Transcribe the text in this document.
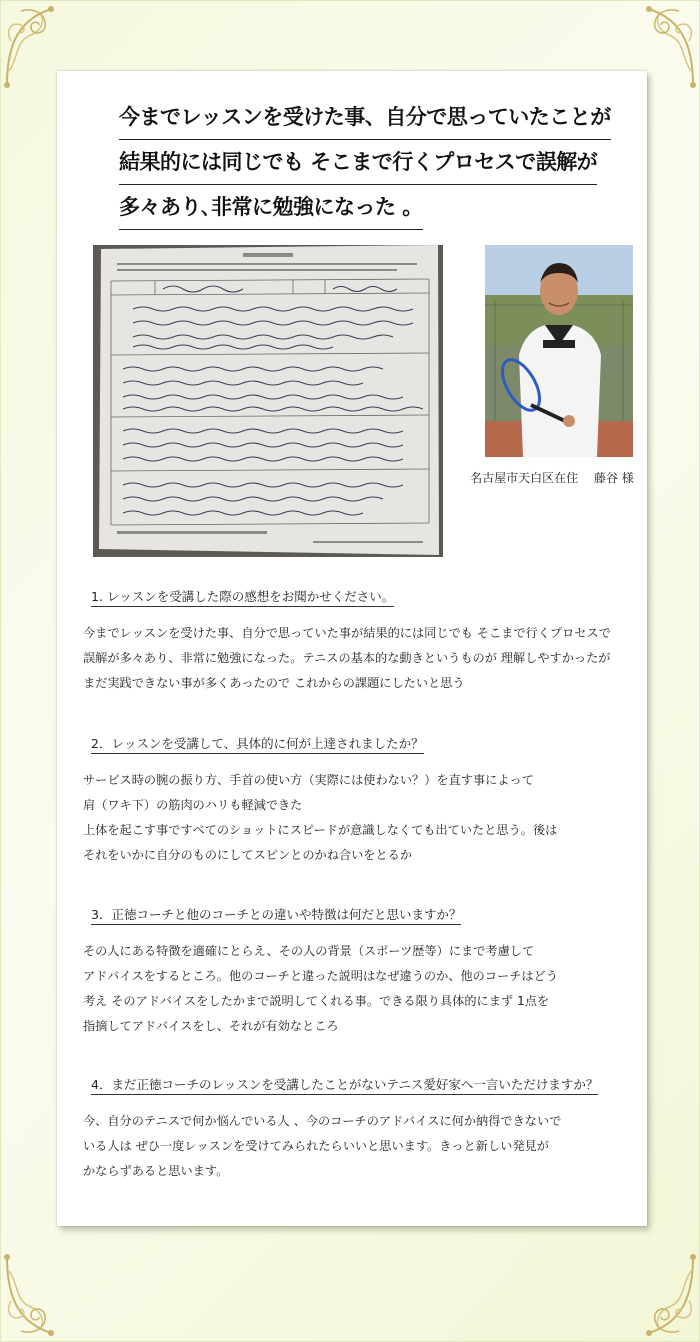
今までレッスンを受けた事、自分で思っていたことが
結果的には同じでも そこまで行くプロセスで誤解が
多々あり､非常に勉強になった 。
名古屋市天白区在住　 藤谷 様

1. レッスンを受講した際の感想をお聞かせください。

今までレッスンを受けた事、自分で思っていた事が結果的には同じでも そこまで行くプロセスで
誤解が多々あり、非常に勉強になった。テニスの基本的な動きというものが 理解しやすかったが
まだ実践できない事が多くあったので これからの課題にしたいと思う

2．レッスンを受講して、具体的に何が上達されましたか？

サービス時の腕の振り方、手首の使い方（実際には使わない？）を直す事によって
肩（ワキ下）の筋肉のハリも軽減できた
上体を起こす事ですべてのショットにスピードが意識しなくても出ていたと思う。後は
それをいかに自分のものにしてスピンとのかね合いをとるか

3．正徳コーチと他のコーチとの違いや特徴は何だと思いますか？

その人にある特徴を適確にとらえ、その人の背景（スポーツ歴等）にまで考慮して
アドバイスをするところ。他のコーチと違った説明はなぜ違うのか、他のコーチはどう
考え そのアドバイスをしたかまで説明してくれる事。できる限り具体的にまず 1点を
指摘してアドバイスをし、それが有効なところ

4．まだ正徳コーチのレッスンを受講したことがないテニス愛好家へ一言いただけますか？

今、自分のテニスで何か悩んでいる人 、今のコーチのアドバイスに何か納得できないで
いる人は ぜひ一度レッスンを受けてみられたらいいと思います。きっと新しい発見が
かならずあると思います。
